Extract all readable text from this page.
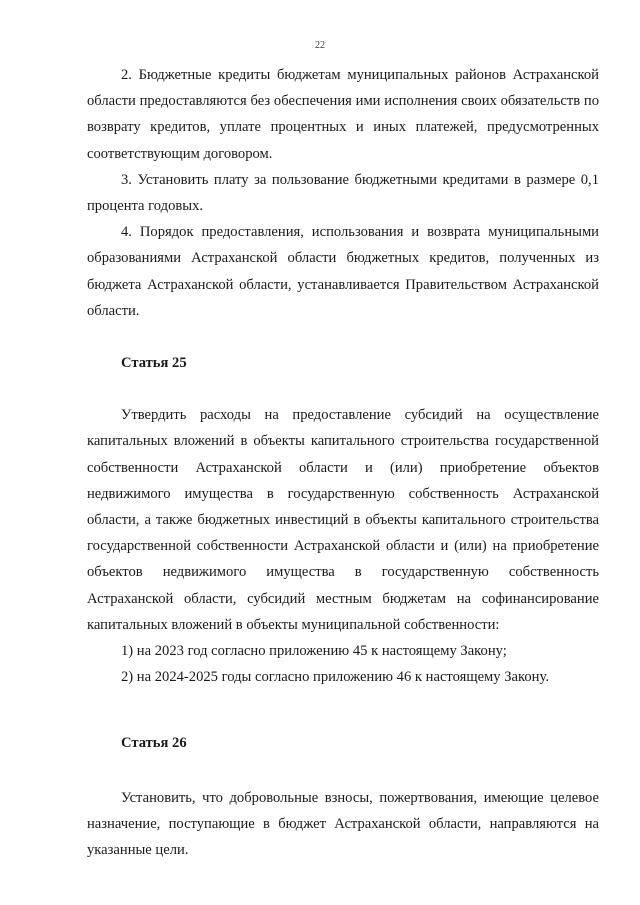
22

2. Бюджетные кредиты бюджетам муниципальных районов Астраханской области предоставляются без обеспечения ими исполнения своих обязательств по возврату кредитов, уплате процентных и иных платежей, предусмотренных соответствующим договором.

3. Установить плату за пользование бюджетными кредитами в размере 0,1 процента годовых.

4. Порядок предоставления, использования и возврата муниципальными образованиями Астраханской области бюджетных кредитов, полученных из бюджета Астраханской области, устанавливается Правительством Астраханской области.

Статья 25

Утвердить расходы на предоставление субсидий на осуществление капитальных вложений в объекты капитального строительства государственной собственности Астраханской области и (или) приобретение объектов недвижимого имущества в государственную собственность Астраханской области, а также бюджетных инвестиций в объекты капитального строительства государственной собственности Астраханской области и (или) на приобретение объектов недвижимого имущества в государственную собственность Астраханской области, субсидий местным бюджетам на софинансирование капитальных вложений в объекты муниципальной собственности:

1) на 2023 год согласно приложению 45 к настоящему Закону;

2) на 2024-2025 годы согласно приложению 46 к настоящему Закону.

Статья 26

Установить, что добровольные взносы, пожертвования, имеющие целевое назначение, поступающие в бюджет Астраханской области, направляются на указанные цели.
